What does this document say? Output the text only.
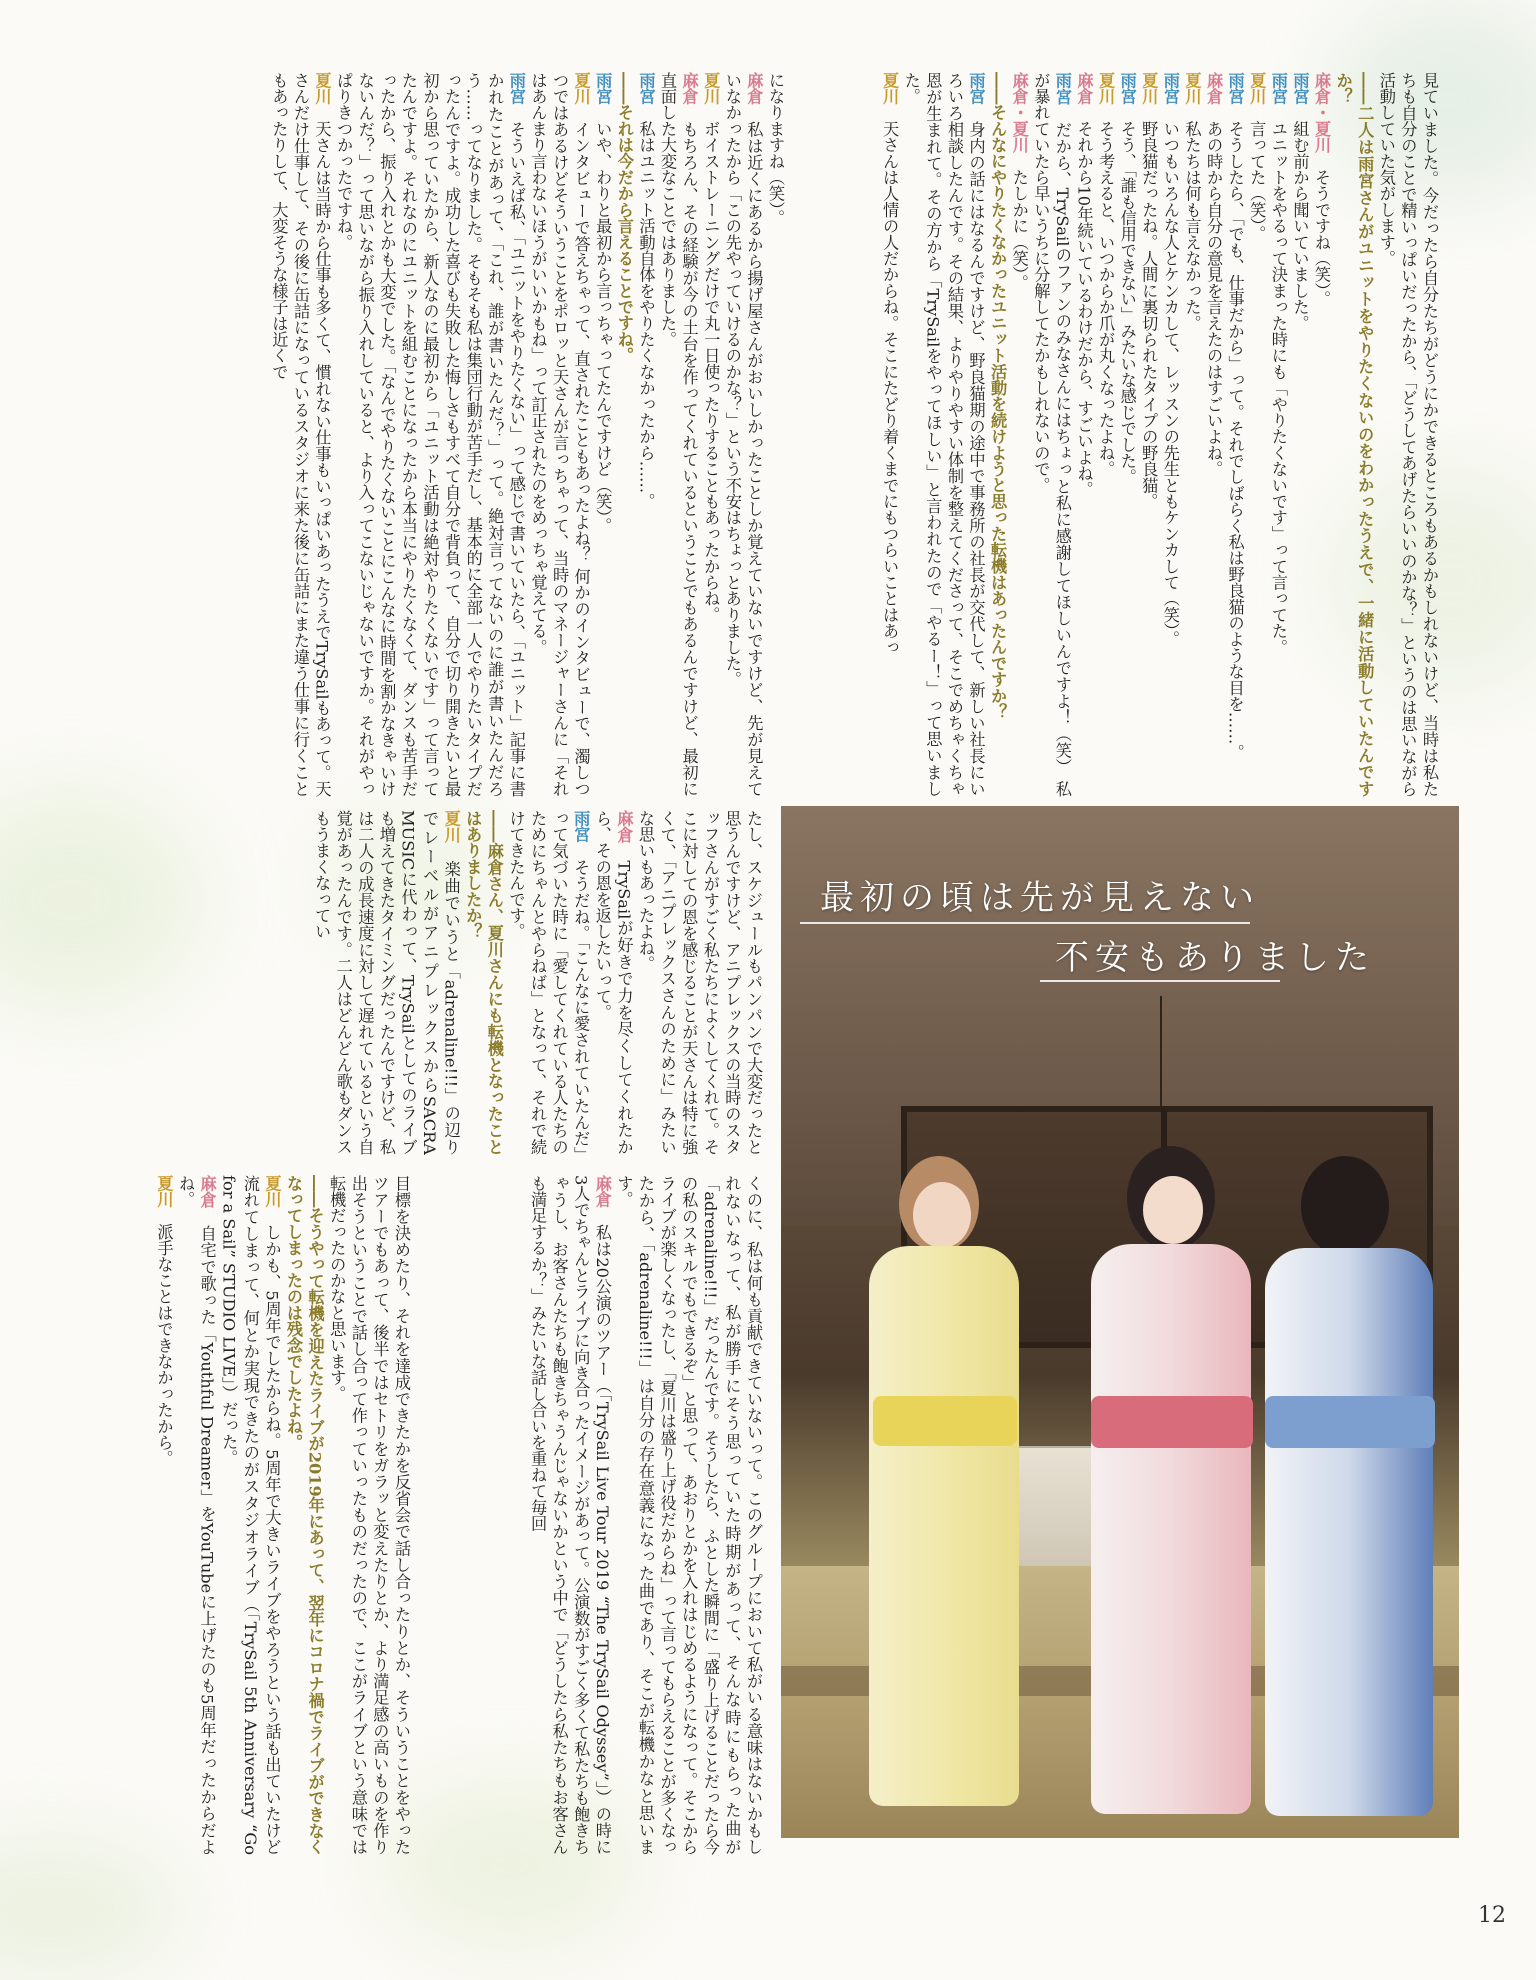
見ていました。今だったら自分たちがどうにかできるところもあるかもしれないけど、当時は私たちも自分のことで精いっぱいだったから、「どうしてあげたらいいのかな？」というのは思いながら活動していた気がします。

――二人は雨宮さんがユニットをやりたくないのをわかったうえで、一緒に活動していたんですか？

麻倉・夏川　そうですね（笑）。

雨宮　組む前から聞いていました。

雨宮　ユニットをやるって決まった時にも「やりたくないです」って言ってた。

夏川　言ってた（笑）。

雨宮　そうしたら、「でも、仕事だから」って。それでしばらく私は野良猫のような目を……。

麻倉　あの時から自分の意見を言えたのはすごいよね。

夏川　私たちは何も言えなかった。

雨宮　いつもいろんな人とケンカして、レッスンの先生ともケンカして（笑）。

夏川　野良猫だったね。人間に裏切られたタイプの野良猫。

雨宮　そう、「誰も信用できない」みたいな感じでした。

夏川　そう考えると、いつからか爪が丸くなったよね。

麻倉　それから10年続いているわけだから、すごいよね。

雨宮　だから、TrySailのファンのみなさんにはちょっと私に感謝してほしいんですよ！（笑） 私が暴れていたら早いうちに分解してたかもしれないので。

麻倉・夏川　たしかに（笑）。

――そんなにやりたくなかったユニット活動を続けようと思った転機はあったんですか？

雨宮　身内の話にはなるんですけど、野良猫期の途中で事務所の社長が交代して、新しい社長にいろいろ相談したんです。その結果、よりやりやすい体制を整えてくださって、そこでめちゃくちゃ恩が生まれて。その方から「TrySailをやってほしい」と言われたので「やるー！」って思いました。

夏川　天さんは人情の人だからね。そこにたどり着くまでにもつらいことはあっ

になりますね（笑）。

麻倉　私は近くにあるから揚げ屋さんがおいしかったことしか覚えていないですけど、先が見えていなかったから「この先やっていけるのかな？」という不安はちょっとありました。

夏川　ボイストレーニングだけで丸一日使ったりすることもあったからね。

麻倉　もちろん、その経験が今の土台を作ってくれているということでもあるんですけど、最初に直面した大変なことではありました。

雨宮　私はユニット活動自体をやりたくなかったから……。

――それは今だから言えることですね。

雨宮　いや、わりと最初から言っちゃってたんですけど（笑）。

夏川　インタビューで答えちゃって、直されたこともあったよね？ 何かのインタビューで、濁しつつではあるけどそういうことをポロッと天さんが言っちゃって、当時のマネージャーさんに「それはあんまり言わないほうがいいかもね」って訂正されたのをめっちゃ覚えてる。

雨宮　そういえば私、「ユニットをやりたくない」って感じで書いていたら、「ユニット」記事に書かれたことがあって、「これ、誰が書いたんだ？」って。絶対言ってないのに誰が書いたんだろう……ってなりました。そもそも私は集団行動が苦手だし、基本的に全部一人でやりたいタイプだったんですよ。成功した喜びも失敗した悔しさもすべて自分で背負って、自分で切り開きたいと最初から思っていたから、新人なのに最初から「ユニット活動は絶対やりたくないです」って言ってたんですよ。それなのにユニットを組むことになったから本当にやりたくなくて、ダンスも苦手だったから、振り入れとかも大変でした。「なんでやりたくないことにこんなに時間を割かなきゃいけないんだ？」って思いながら振り入れしていると、より入ってこないじゃないですか。それがやっぱりきつかったですね。

夏川　天さんは当時から仕事も多くて、慣れない仕事もいっぱいあったうえでTrySailもあって。天さんだけ仕事して、その後に缶詰になっているスタジオに来た後に缶詰にまた違う仕事に行くこともあったりして、大変そうな様子は近くで

たし、スケジュールもパンパンで大変だったと思うんですけど、アニプレックスの当時のスタッフさんがすごく私たちによくしてくれて。そこに対しての恩を感じることが天さんは特に強くて、「アニプレックスさんのために」みたいな思いもあったよね。

麻倉　TrySailが好きで力を尽くしてくれたから、その恩を返したいって。

雨宮　そうだね。「こんなに愛されていたんだ」って気づいた時に「愛してくれている人たちのためにちゃんとやらねば」となって、それで続けてきたんです。

――麻倉さん、夏川さんにも転機となったことはありましたか？

夏川　楽曲でいうと「adrenaline!!!」の辺りでレーベルがアニプレックスからSACRA MUSICに代わって、TrySailとしてのライブも増えてきたタイミングだったんですけど、私は二人の成長速度に対して遅れているという自覚があったんです。二人はどんどん歌もダンスもうまくなってい

くのに、私は何も貢献できていないって。このグループにおいて私がいる意味はないかもしれないなって、私が勝手にそう思っていた時期があって、そんな時にもらった曲が「adrenaline!!!」だったんです。そうしたら、ふとした瞬間に「盛り上げることだったら今の私のスキルでもできるぞ」と思って、あおりとかを入れはじめるようになって。そこからライブが楽しくなったし、「夏川は盛り上げ役だからね」って言ってもらえることが多くなったから、「adrenaline!!!」は自分の存在意義になった曲であり、そこが転機かなと思います。

麻倉　私は20公演のツアー（「TrySail Live Tour 2019 “The TrySail Odyssey”」）の時に3人でちゃんとライブに向き合ったイメージがあって。公演数がすごく多くて私たちも飽きちゃうし、お客さんたちも飽きちゃうんじゃないかという中で「どうしたら私たちもお客さんも満足するか？」みたいな話し合いを重ねて毎回

目標を決めたり、それを達成できたかを反省会で話し合ったりとか、そういうことをやったツアーでもあって、後半ではセトリをガラッと変えたりとか、より満足感の高いものを作り出そうということで話し合って作っていったものだったので、ここがライブという意味では転機だったのかなと思います。

――そうやって転機を迎えたライブが2019年にあって、翌年にコロナ禍でライブができなくなってしまったのは残念でしたよね。

夏川　しかも、5周年でしたからね。5周年で大きいライブをやろうという話も出ていたけど流れてしまって、何とか実現できたのがスタジオライブ（「TrySail 5th Anniversary “Go for a Sail” STUDIO LIVE」）だった。

麻倉　自宅で歌った「Youthful Dreamer」をYouTubeに上げたのも5周年だったからだよね。

夏川　派手なことはできなかったから。

最初の頃は先が見えない
不安もありました
12
